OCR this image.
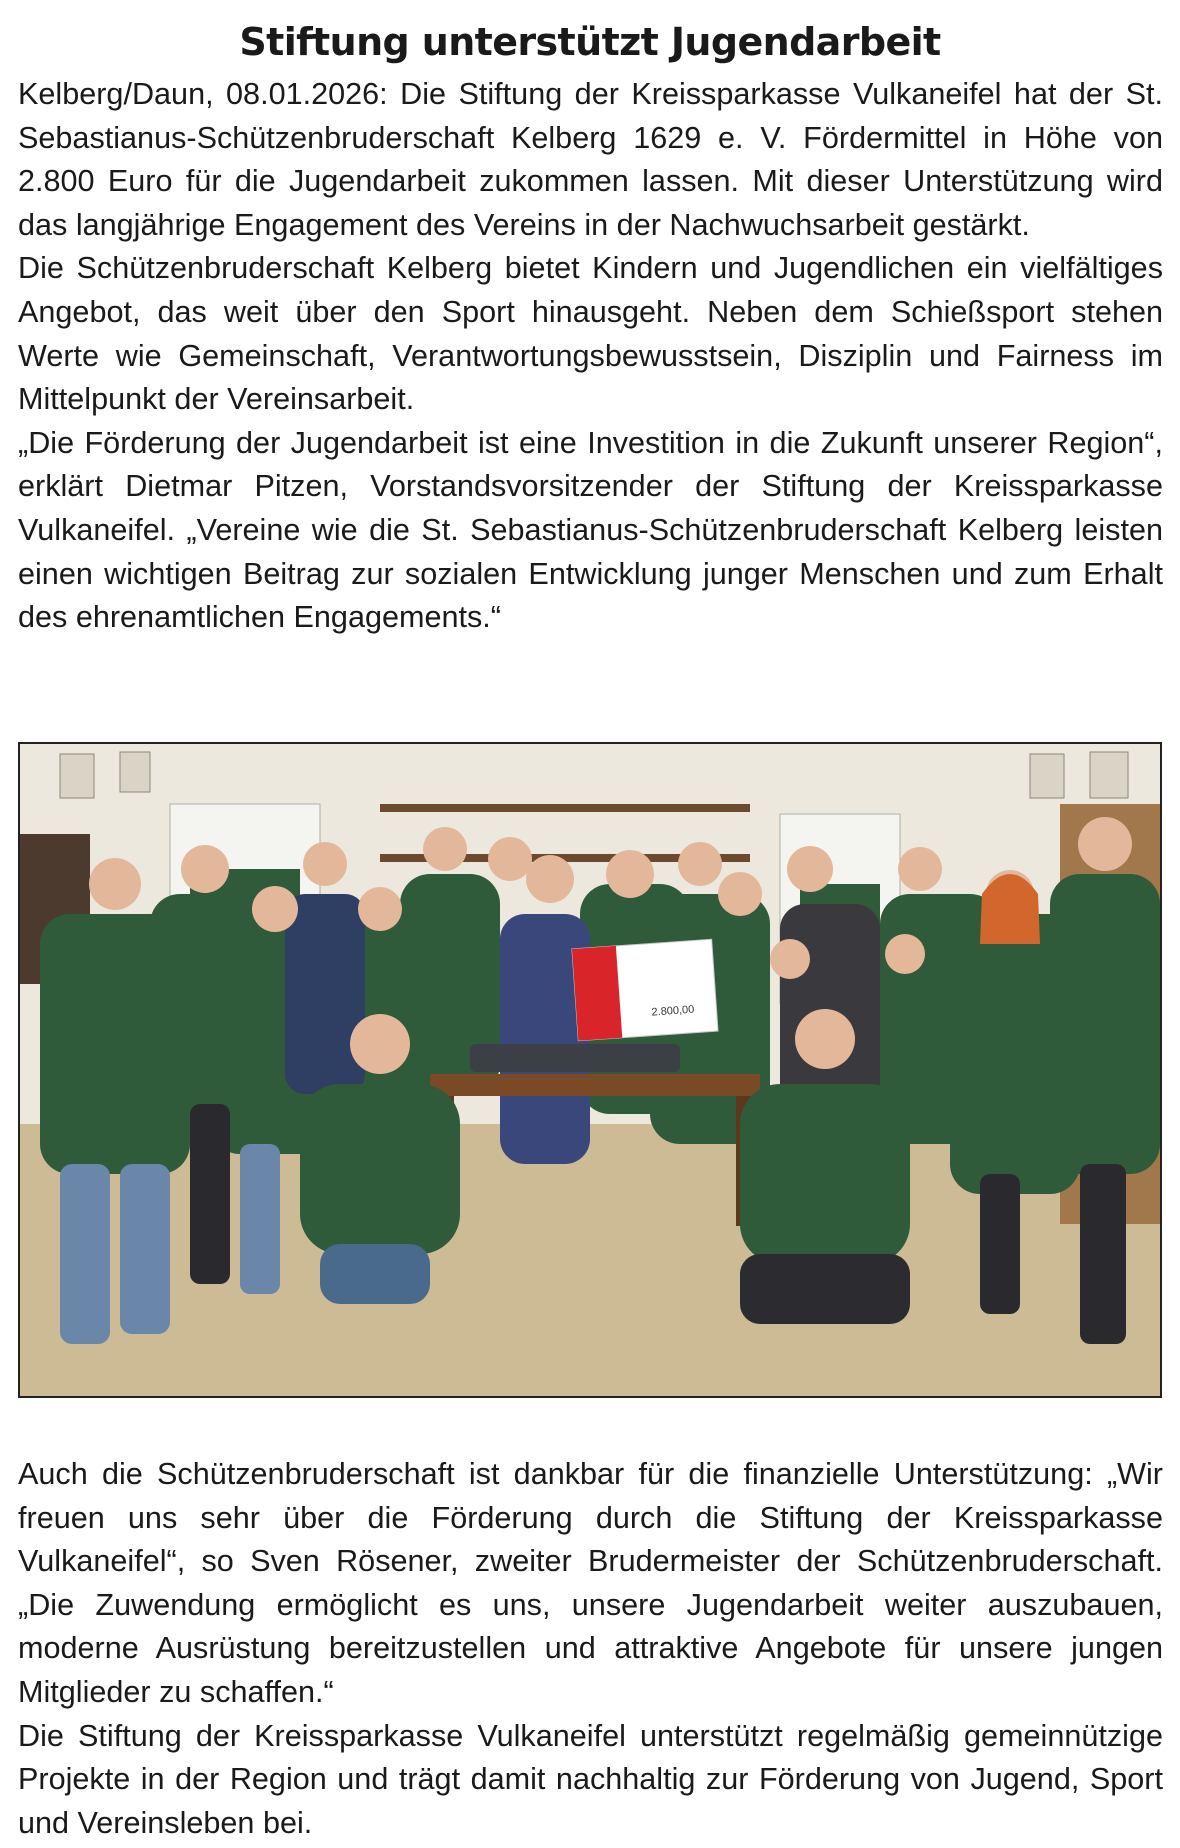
Stiftung unterstützt Jugendarbeit

Kelberg/Daun, 08.01.2026: Die Stiftung der Kreissparkasse Vulkaneifel hat der St. Sebastianus-Schützenbruderschaft Kelberg 1629 e. V. Fördermittel in Höhe von 2.800 Euro für die Jugendarbeit zukommen lassen. Mit dieser Unterstützung wird das langjährige Engagement des Vereins in der Nachwuchsarbeit gestärkt.

Die Schützenbruderschaft Kelberg bietet Kindern und Jugendlichen ein vielfältiges Angebot, das weit über den Sport hinausgeht. Neben dem Schießsport stehen Werte wie Gemeinschaft, Verantwortungsbewusstsein, Disziplin und Fairness im Mittelpunkt der Vereinsarbeit.

„Die Förderung der Jugendarbeit ist eine Investition in die Zukunft unserer Region“, erklärt Dietmar Pitzen, Vorstandsvorsitzender der Stiftung der Kreissparkasse Vulkaneifel. „Vereine wie die St. Sebastianus-Schützenbruderschaft Kelberg leisten einen wichtigen Beitrag zur sozialen Entwicklung junger Menschen und zum Erhalt des ehrenamtlichen Engagements.“

2.800,00

Auch die Schützenbruderschaft ist dankbar für die finanzielle Unterstützung: „Wir freuen uns sehr über die Förderung durch die Stiftung der Kreissparkasse Vulkaneifel“, so Sven Rösener, zweiter Brudermeister der Schützenbruderschaft. „Die Zuwendung ermöglicht es uns, unsere Jugendarbeit weiter auszubauen, moderne Ausrüstung bereitzustellen und attraktive Angebote für unsere jungen Mitglieder zu schaffen.“

Die Stiftung der Kreissparkasse Vulkaneifel unterstützt regelmäßig gemeinnützige Projekte in der Region und trägt damit nachhaltig zur Förderung von Jugend, Sport und Vereinsleben bei.
